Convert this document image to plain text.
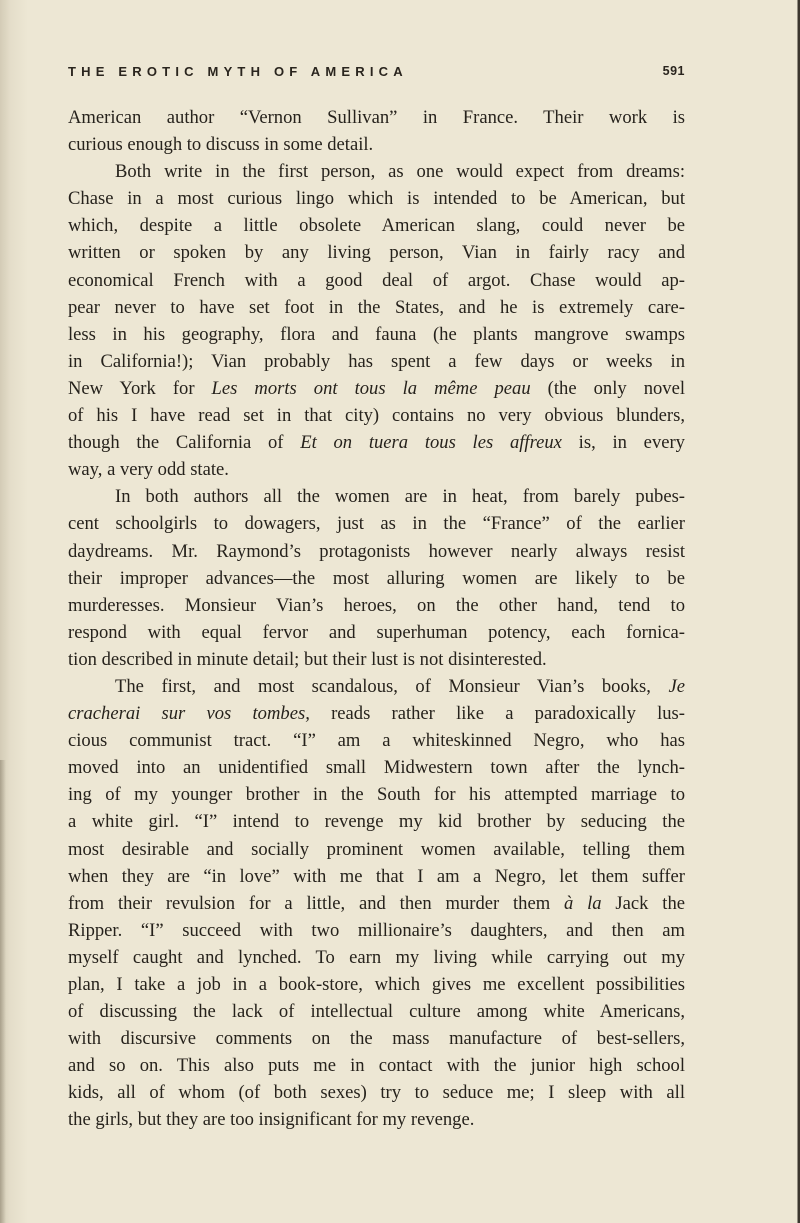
THE EROTIC MYTH OF AMERICA	591
American author “Vernon Sullivan” in France. Their work is
curious enough to discuss in some detail.
Both write in the first person, as one would expect from dreams:
Chase in a most curious lingo which is intended to be American, but
which, despite a little obsolete American slang, could never be
written or spoken by any living person, Vian in fairly racy and
economical French with a good deal of argot. Chase would ap-
pear never to have set foot in the States, and he is extremely care-
less in his geography, flora and fauna (he plants mangrove swamps
in California!); Vian probably has spent a few days or weeks in
New York for Les morts ont tous la même peau (the only novel
of his I have read set in that city) contains no very obvious blunders,
though the California of Et on tuera tous les affreux is, in every
way, a very odd state.
In both authors all the women are in heat, from barely pubes-
cent schoolgirls to dowagers, just as in the “France” of the earlier
daydreams. Mr. Raymond’s protagonists however nearly always resist
their improper advances—the most alluring women are likely to be
murderesses. Monsieur Vian’s heroes, on the other hand, tend to
respond with equal fervor and superhuman potency, each fornica-
tion described in minute detail; but their lust is not disinterested.
The first, and most scandalous, of Monsieur Vian’s books, Je
cracherai sur vos tombes, reads rather like a paradoxically lus-
cious communist tract. “I” am a whiteskinned Negro, who has
moved into an unidentified small Midwestern town after the lynch-
ing of my younger brother in the South for his attempted marriage to
a white girl. “I” intend to revenge my kid brother by seducing the
most desirable and socially prominent women available, telling them
when they are “in love” with me that I am a Negro, let them suffer
from their revulsion for a little, and then murder them à la Jack the
Ripper. “I” succeed with two millionaire’s daughters, and then am
myself caught and lynched. To earn my living while carrying out my
plan, I take a job in a book-store, which gives me excellent possibilities
of discussing the lack of intellectual culture among white Americans,
with discursive comments on the mass manufacture of best-sellers,
and so on. This also puts me in contact with the junior high school
kids, all of whom (of both sexes) try to seduce me; I sleep with all
the girls, but they are too insignificant for my revenge.
